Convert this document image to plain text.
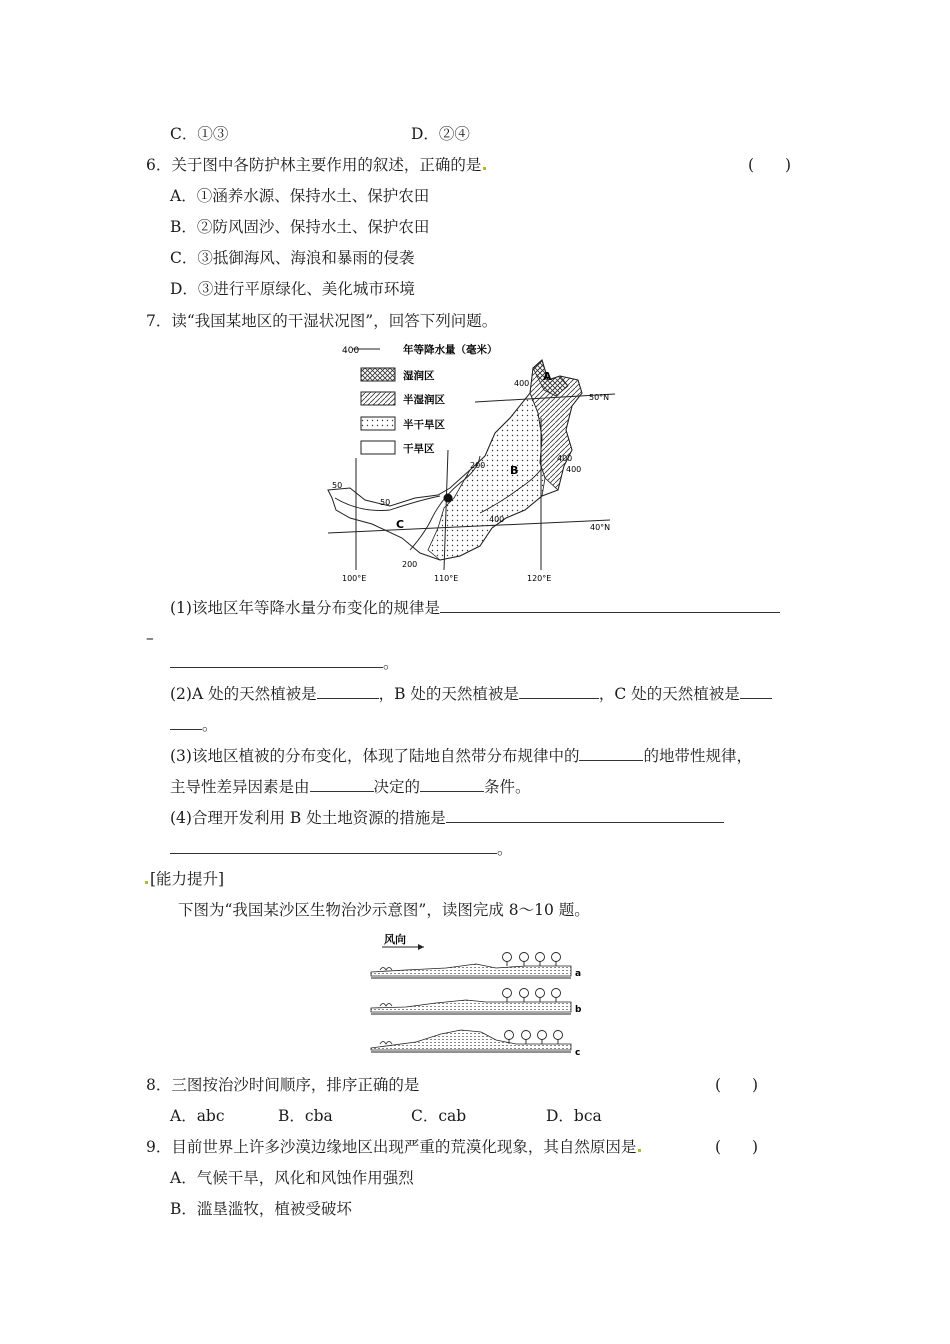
C．①③	D．②④
6．关于图中各防护林主要作用的叙述，正确的是	(　　)
A．①涵养水源、保持水土、保护农田
B．②防风固沙、保持水土、保护农田
C．③抵御海风、海浪和暴雨的侵袭
D．③进行平原绿化、美化城市环境
7．读“我国某地区的干湿状况图”，回答下列问题。
400	年等降水量（毫米）
湿润区
半湿润区
半干旱区
干旱区
A
B
C
400
400
400
400
200
200
50
50
50°N
40°N
100°E	110°E	120°E
(1)该地区年等降水量分布变化的规律是
–
。
(2)A 处的天然植被是	，B 处的天然植被是	，C 处的天然植被是
。
(3)该地区植被的分布变化，体现了陆地自然带分布规律中的	的地带性规律，
主导性差异因素是由	决定的	条件。
(4)合理开发利用 B 处土地资源的措施是
。
[能力提升]
下图为“我国某沙区生物治沙示意图”，读图完成 8～10 题。
风向
a
b
c
8．三图按治沙时间顺序，排序正确的是	(　　)
A．abc	B．cba	C．cab	D．bca
9．目前世界上许多沙漠边缘地区出现严重的荒漠化现象，其自然原因是	(　　)
A．气候干旱，风化和风蚀作用强烈
B．滥垦滥牧，植被受破坏
